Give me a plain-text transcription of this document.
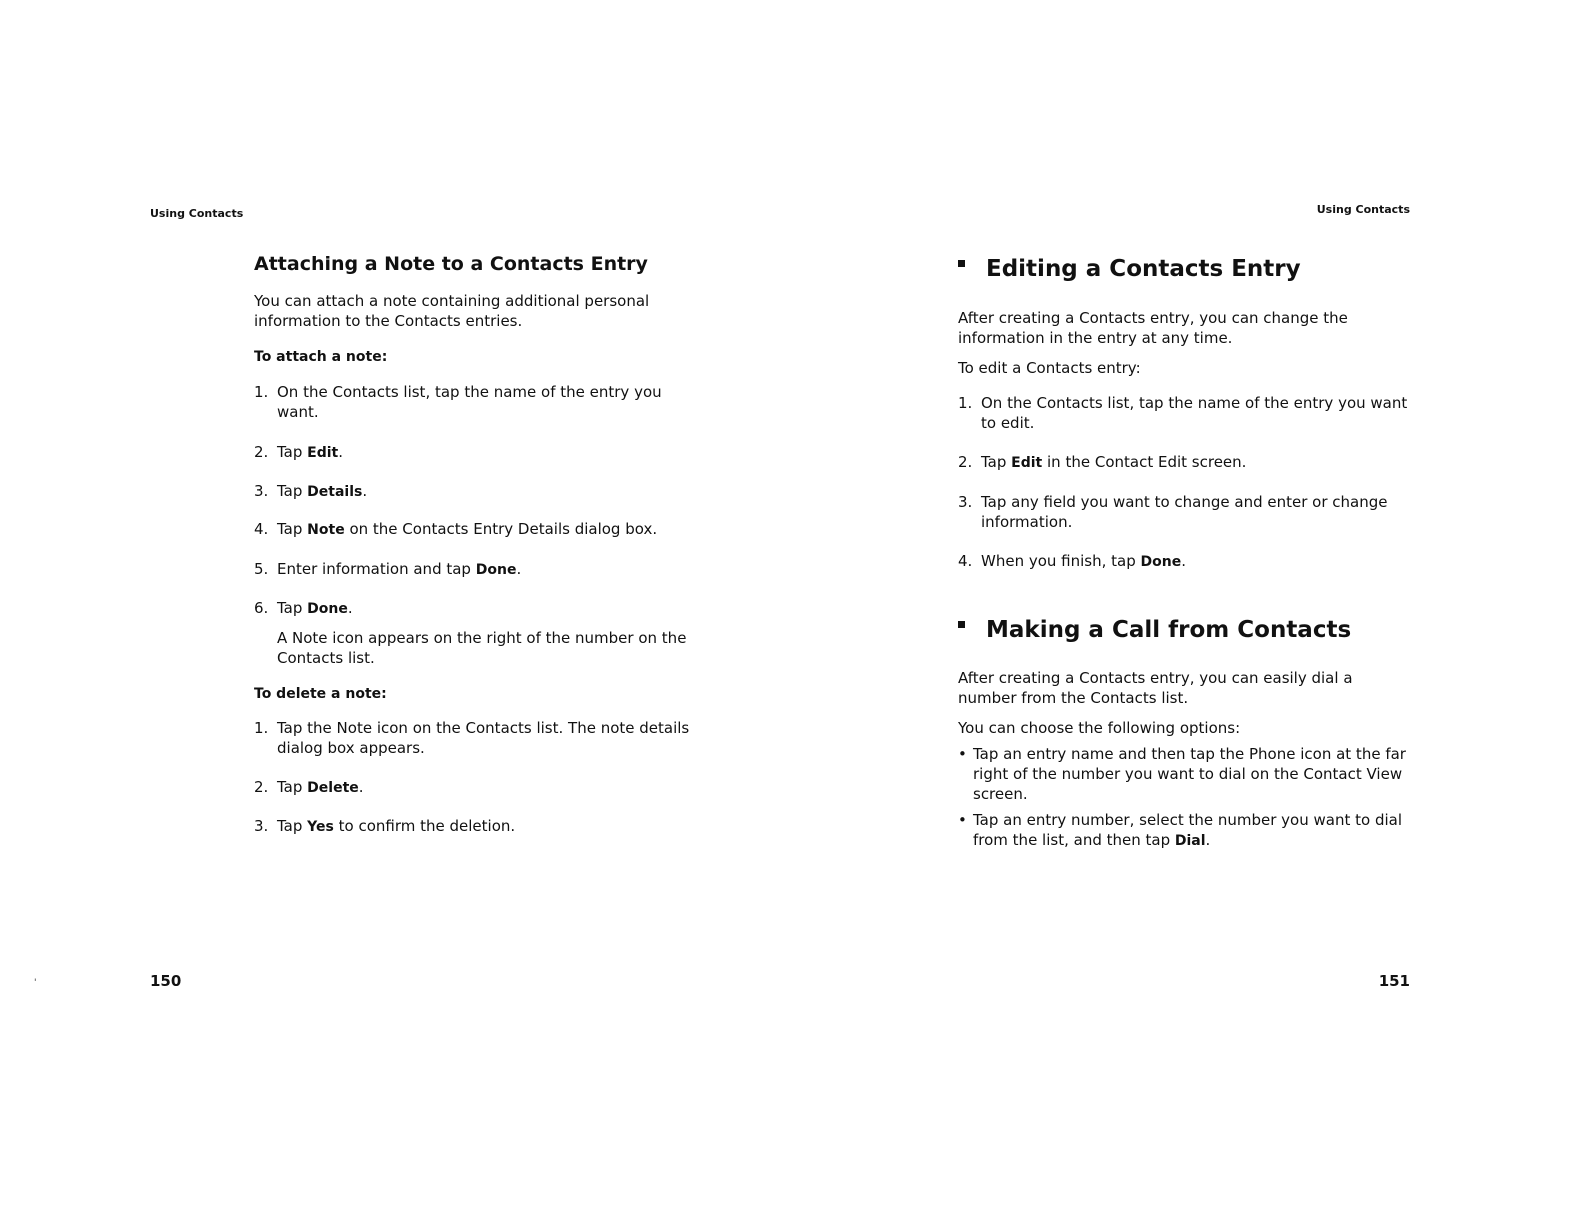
Using Contacts
Attaching a Note to a Contacts Entry

You can attach a note containing additional personal information to the Contacts entries.

To attach a note:

1. On the Contacts list, tap the name of the entry you want.
2. Tap Edit.
3. Tap Details.
4. Tap Note on the Contacts Entry Details dialog box.
5. Enter information and tap Done.
6. Tap Done.

A Note icon appears on the right of the number on the Contacts list.

To delete a note:

1. Tap the Note icon on the Contacts list. The note details dialog box appears.
2. Tap Delete.
3. Tap Yes to confirm the deletion.
'	150
Using Contacts
Editing a Contacts Entry

After creating a Contacts entry, you can change the information in the entry at any time.

To edit a Contacts entry:

1. On the Contacts list, tap the name of the entry you want to edit.
2. Tap Edit in the Contact Edit screen.
3. Tap any field you want to change and enter or change information.
4. When you finish, tap Done.
Making a Call from Contacts

After creating a Contacts entry, you can easily dial a number from the Contacts list.

You can choose the following options:

• Tap an entry name and then tap the Phone icon at the far right of the number you want to dial on the Contact View screen.
• Tap an entry number, select the number you want to dial from the list, and then tap Dial.
151
